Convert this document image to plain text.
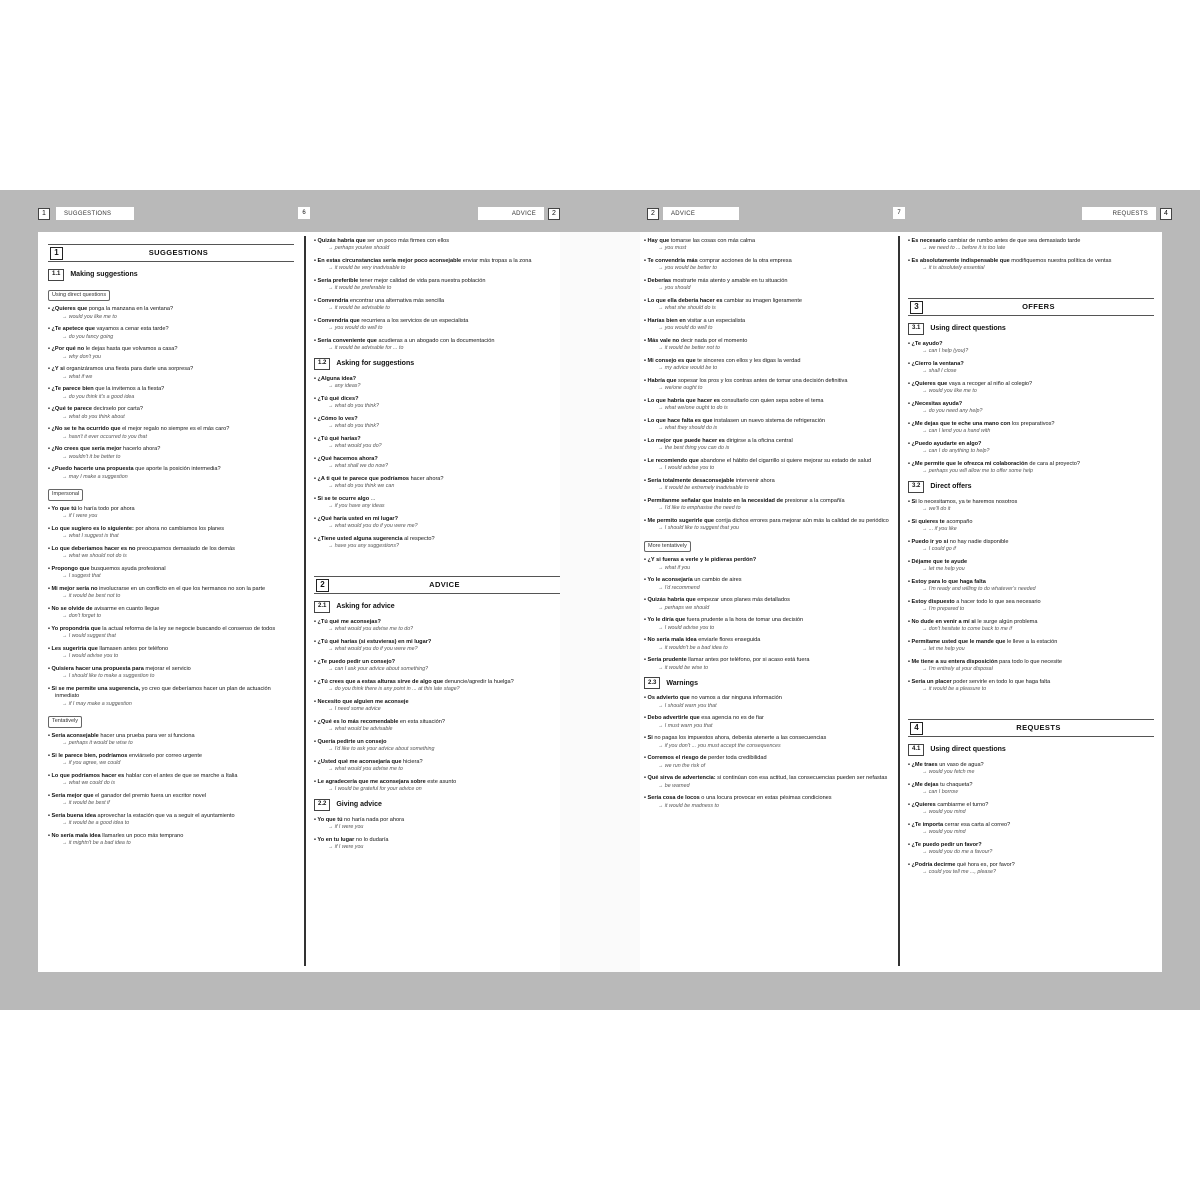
1	SUGGESTIONS	6	ADVICE	2	2	ADVICE	7	REQUESTS	4
1	SUGGESTIONS
1.1	Making suggestions
Using direct questions
• ¿Quieres que ponga la manzana en la ventana?
→ would you like me to
• ¿Te apetece que vayamos a cenar esta tarde?
→ do you fancy going
• ¿Por qué no le dejas hasta que volvamos a casa?
→ why don't you
• ¿Y si organizáramos una fiesta para darle una sorpresa?
→ what if we
• ¿Te parece bien que la invitemos a la fiesta?
→ do you think it's a good idea
• ¿Qué te parece decírselo por carta?
→ what do you think about
• ¿No se te ha ocurrido que el mejor regalo no siempre es el más caro?
→ hasn't it ever occurred to you that
• ¿No crees que sería mejor hacerlo ahora?
→ wouldn't it be better to
• ¿Puedo hacerte una propuesta que aporte la posición intermedia?
→ may I make a suggestion
Impersonal
• Yo que tú lo haría todo por ahora
→ if I were you
• Lo que sugiero es lo siguiente: por ahora no cambiamos los planes
→ what I suggest is that
• Lo que deberíamos hacer es no preocuparnos demasiado de los demás
→ what we should not do is
• Propongo que busquemos ayuda profesional
→ I suggest that
• Mi mejor sería no involucrarse en un conflicto en el que los hermanos no son la parte
→ it would be best not to
• No se olvide de avisarme en cuanto llegue
→ don't forget to
• Yo propondría que la actual reforma de la ley se negocie buscando el consenso de todos
→ I would suggest that
• Les sugeriría que llamasen antes por teléfono
→ I would advise you to
• Quisiera hacer una propuesta para mejorar el servicio
→ I should like to make a suggestion to
• Si se me permite una sugerencia, yo creo que deberíamos hacer un plan de actuación inmediato
→ if I may make a suggestion
Tentatively
• Sería aconsejable hacer una prueba para ver si funciona
→ perhaps it would be wise to
• Si le parece bien, podríamos enviárselo por correo urgente
→ if you agree, we could
• Lo que podríamos hacer es hablar con el antes de que se marche a Italia
→ what we could do is
• Sería mejor que el ganador del premio fuera un escritor novel
→ it would be best if
• Sería buena idea aprovechar la estación que va a seguir el ayuntamiento
→ it would be a good idea to
• No sería mala idea llamarles un poco más temprano
→ it mightn't be a bad idea to
• Quizás habría que ser un poco más firmes con ellos
→ perhaps you/we should
• En estas circunstancias sería mejor poco aconsejable enviar más tropas a la zona
→ it would be very inadvisable to
• Sería preferible tener mejor calidad de vida para nuestra población
→ it would be preferable to
• Convendría encontrar una alternativa más sencilla
→ it would be advisable to
• Convendría que recurriera a los servicios de un especialista
→ you would do well to
• Sería conveniente que acudieras a un abogado con la documentación
→ it would be advisable for ... to
1.2	Asking for suggestions
• ¿Alguna idea?
→ any ideas?
• ¿Tú qué dices?
→ what do you think?
• ¿Cómo lo ves?
→ what do you think?
• ¿Tú qué harías?
→ what would you do?
• ¿Qué hacemos ahora?
→ what shall we do now?
• ¿A ti qué te parece que podríamos hacer ahora?
→ what do you think we can
• Si se te ocurre algo ...
→ if you have any ideas
• ¿Qué haría usted en mi lugar?
→ what would you do if you were me?
• ¿Tiene usted alguna sugerencia al respecto?
→ have you any suggestions?
2	ADVICE
2.1	Asking for advice
• ¿Tú qué me aconsejas?
→ what would you advise me to do?
• ¿Tú qué harías (si estuvieras) en mi lugar?
→ what would you do if you were me?
• ¿Te puedo pedir un consejo?
→ can I ask your advice about something?
• ¿Tú crees que a estas alturas sirve de algo que denuncie/agredir la huelga?
→ do you think there is any point in ... at this late stage?
• Necesito que alguien me aconseje
→ I need some advice
• ¿Qué es lo más recomendable en esta situación?
→ what would be advisable
• Quería pedirte un consejo
→ I'd like to ask your advice about something
• ¿Usted qué me aconsejaría que hiciera?
→ what would you advise me to
• Le agradecería que me aconsejara sobre este asunto
→ I would be grateful for your advice on
2.2	Giving advice
• Yo que tú no haría nada por ahora
→ if I were you
• Yo en tu lugar no lo dudaría
→ if I were you
• Hay que tomarse las cosas con más calma
→ you must
• Te convendría más comprar acciones de la otra empresa
→ you would be better to
• Deberías mostrarte más atento y amable en tu situación
→ you should
• Lo que ella debería hacer es cambiar su imagen ligeramente
→ what she should do is
• Harías bien en visitar a un especialista
→ you would do well to
• Más vale no decir nada por el momento
→ it would be better not to
• Mi consejo es que te sinceres con ellos y les digas la verdad
→ my advice would be to
• Habría que sopesar los pros y los contras antes de tomar una decisión definitiva
→ we/one ought to
• Lo que habría que hacer es consultarlo con quien sepa sobre el tema
→ what we/one ought to do is
• Lo que hace falta es que instalasen un nuevo sistema de refrigeración
→ what they should do is
• Lo mejor que puede hacer es dirigirse a la oficina central
→ the best thing you can do is
• Le recomiendo que abandone el hábito del cigarrillo si quiere mejorar su estado de salud
→ I would advise you to
• Sería totalmente desaconsejable intervenir ahora
→ it would be extremely inadvisable to
• Permítanme señalar que insisto en la necesidad de presionar a la compañía
→ I'd like to emphasise the need to
• Me permito sugerirle que corrija dichos errores para mejorar aún más la calidad de su periódico
→ I should like to suggest that you
More tentatively
• ¿Y si fueras a verle y le pidieras perdón?
→ what if you
• Yo le aconsejaría un cambio de aires
→ I'd recommend
• Quizás habría que empezar unos planes más detallados
→ perhaps we should
• Yo le diría que fuera prudente a la hora de tomar una decisión
→ I would advise you to
• No sería mala idea enviarle flores enseguida
→ it wouldn't be a bad idea to
• Sería prudente llamar antes por teléfono, por si acaso está fuera
→ it would be wise to
2.3	Warnings
• Os advierto que no vamos a dar ninguna información
→ I should warn you that
• Debo advertirle que esa agencia no es de fiar
→ I must warn you that
• Si no pagas los impuestos ahora, deberás atenerte a las consecuencias
→ if you don't ... you must accept the consequences
• Corremos el riesgo de perder toda credibilidad
→ we run the risk of
• Qué sirva de advertencia: si continúan con esa actitud, las consecuencias pueden ser nefastas
→ be warned
• Sería cosa de locos o una locura provocar en estas pésimas condiciones
→ it would be madness to
• Es necesario cambiar de rumbo antes de que sea demasiado tarde
→ we need to ... before it is too late
• Es absolutamente indispensable que modifiquemos nuestra política de ventas
→ it is absolutely essential
3	OFFERS
3.1	Using direct questions
• ¿Te ayudo?
→ can I help (you)?
• ¿Cierro la ventana?
→ shall I close
• ¿Quieres que vaya a recoger al niño al colegio?
→ would you like me to
• ¿Necesitas ayuda?
→ do you need any help?
• ¿Me dejas que te eche una mano con los preparativos?
→ can I lend you a hand with
• ¿Puedo ayudarte en algo?
→ can I do anything to help?
• ¿Me permite que le ofrezca mi colaboración de cara al proyecto?
→ perhaps you will allow me to offer some help
3.2	Direct offers
• Si lo necesitamos, ya te haremos nosotros
→ we'll do it
• Si quieres te acompaño
→ ... if you like
• Puedo ir yo si no hay nadie disponible
→ I could go if
• Déjame que te ayude
→ let me help you
• Estoy para lo que haga falta
→ I'm ready and willing to do whatever's needed
• Estoy dispuesto a hacer todo lo que sea necesario
→ I'm prepared to
• No dude en venir a mí si le surge algún problema
→ don't hesitate to come back to me if
• Permítame usted que le mande que le lleve a la estación
→ let me help you
• Me tiene a su entera disposición para todo lo que necesite
→ I'm entirely at your disposal
• Sería un placer poder servirle en todo lo que haga falta
→ it would be a pleasure to
4	REQUESTS
4.1	Using direct questions
• ¿Me traes un vaso de agua?
→ would you fetch me
• ¿Me dejas tu chaqueta?
→ can I borrow
• ¿Quieres cambiarme el turno?
→ would you mind
• ¿Te importa cerrar esa carta al correo?
→ would you mind
• ¿Te puedo pedir un favor?
→ would you do me a favour?
• ¿Podría decirme qué hora es, por favor?
→ could you tell me ..., please?
